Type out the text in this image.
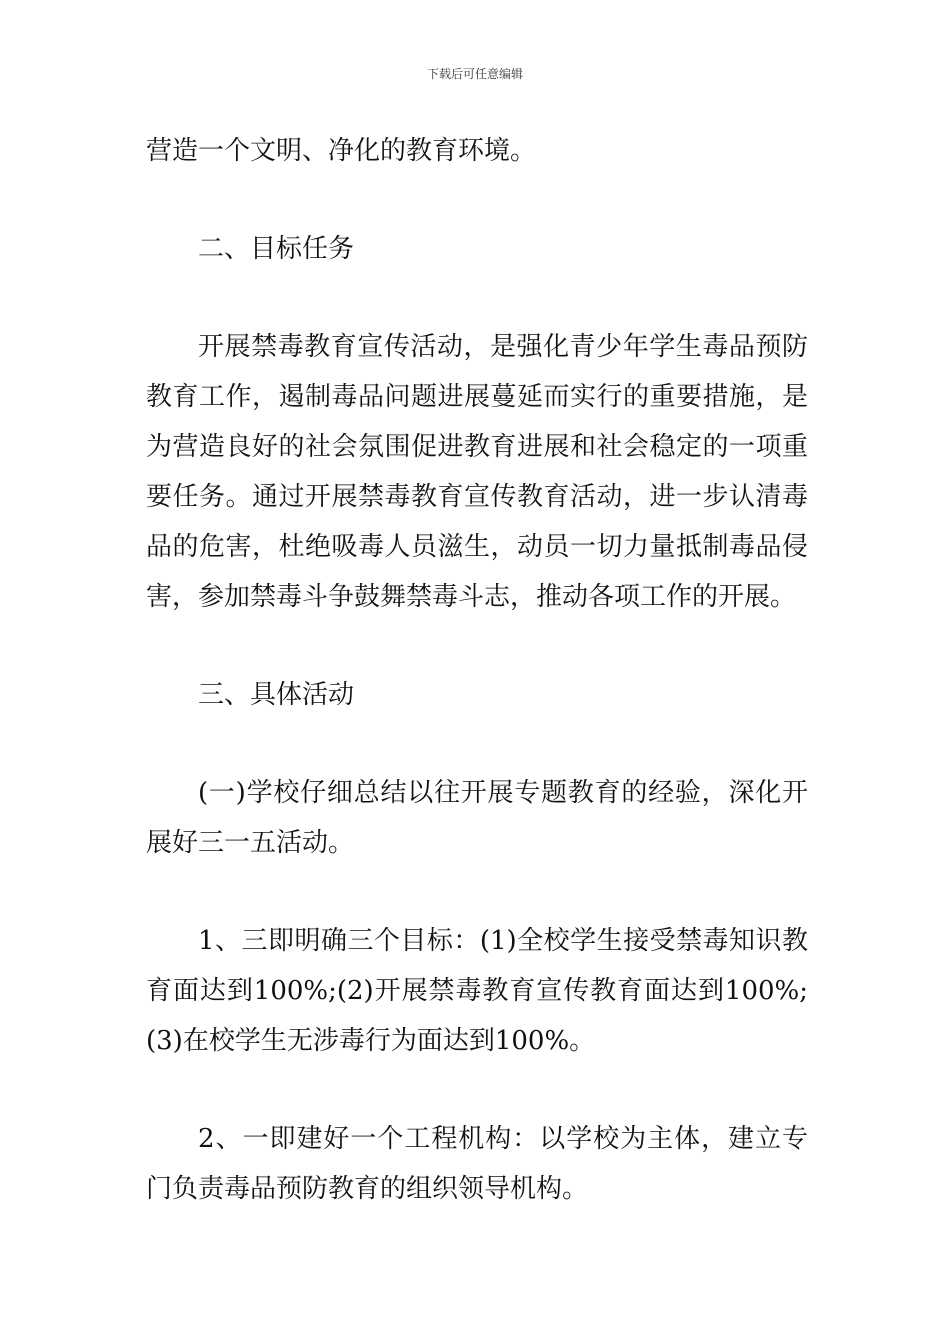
下载后可任意编辑

营造一个文明、净化的教育环境。

二、目标任务

开展禁毒教育宣传活动，是强化青少年学生毒品预防教育工作，遏制毒品问题进展蔓延而实行的重要措施，是为营造良好的社会氛围促进教育进展和社会稳定的一项重要任务。通过开展禁毒教育宣传教育活动，进一步认清毒品的危害，杜绝吸毒人员滋生，动员一切力量抵制毒品侵害，参加禁毒斗争鼓舞禁毒斗志，推动各项工作的开展。

三、具体活动

(一)学校仔细总结以往开展专题教育的经验，深化开展好三一五活动。

1、三即明确三个目标：(1)全校学生接受禁毒知识教育面达到100%;(2)开展禁毒教育宣传教育面达到100%;(3)在校学生无涉毒行为面达到100%。

2、一即建好一个工程机构：以学校为主体，建立专门负责毒品预防教育的组织领导机构。
